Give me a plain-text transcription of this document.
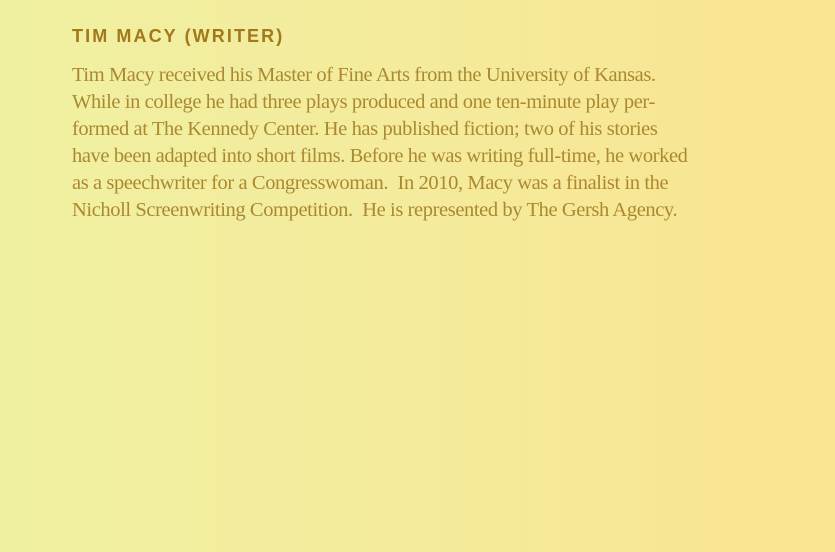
TIM MACY (WRITER)
Tim Macy received his Master of Fine Arts from the University of Kansas.
While in college he had three plays produced and one ten-minute play per-
formed at The Kennedy Center. He has published fiction; two of his stories
have been adapted into short films. Before he was writing full-time, he worked
as a speechwriter for a Congresswoman.  In 2010, Macy was a finalist in the
Nicholl Screenwriting Competition.  He is represented by The Gersh Agency.
